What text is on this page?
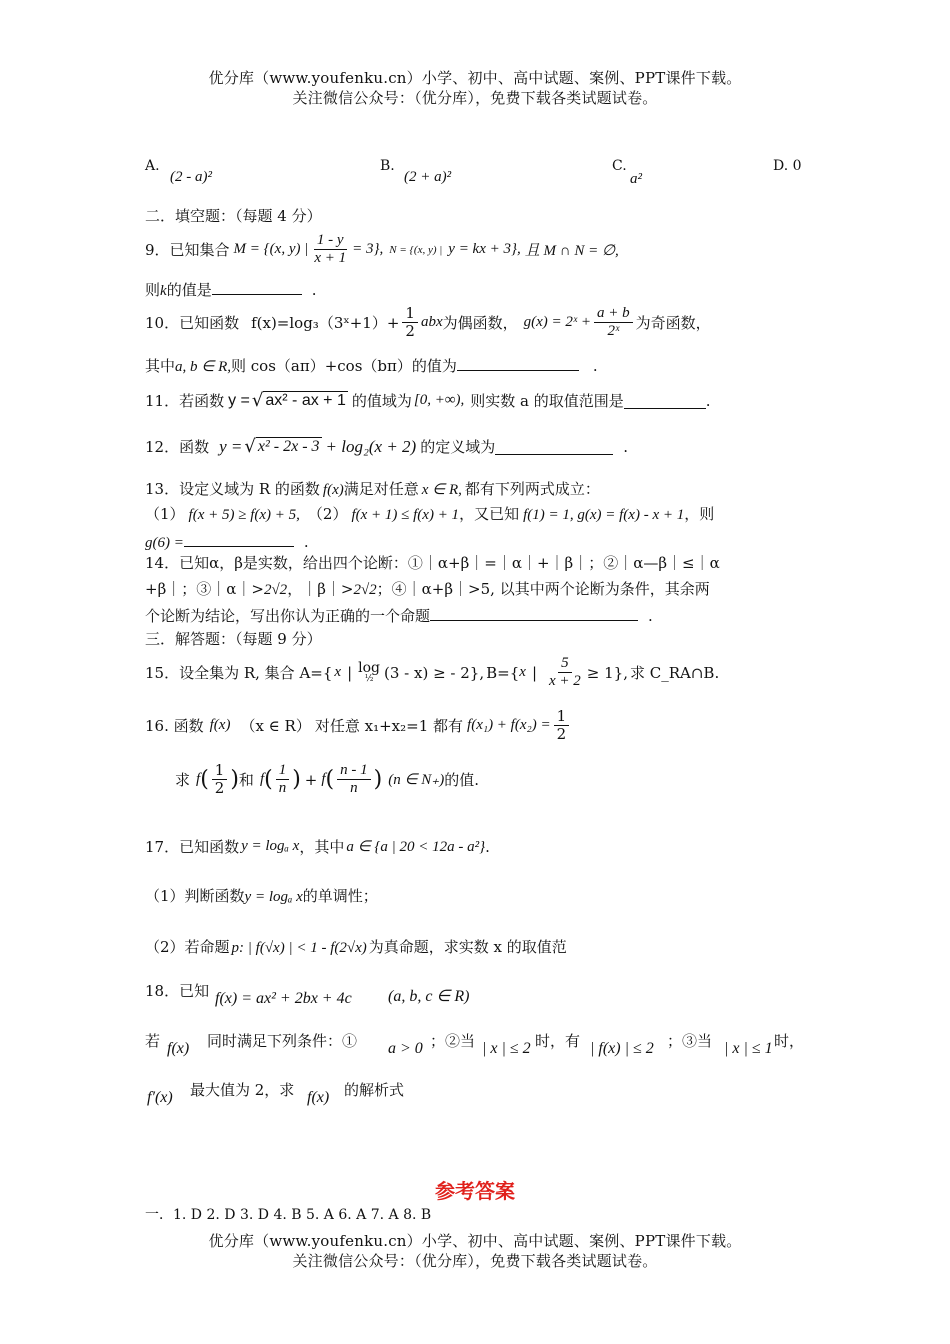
优分库（www.youfenku.cn）小学、初中、高中试题、案例、PPT课件下载。
关注微信公众号：（优分库），免费下载各类试题试卷。
A.
(2 - a)²
B.
(2 + a)²
C.
a²
D. 0
二．填空题：（每题 4 分）
9．已知集合 M = {(x, y) | $\frac{1 - y}{x + 1} = 3$}, N = {(x, y) | y = kx + 3}, 且 M ∩ N = ∅,
则k的值是	.
10．已知函数 f(x)=log₃（3ˣ+1）+ $\frac{1}{2}$ abx 为偶函数， g(x) = 2ˣ + $\frac{a + b}{\text{2ˣ}}$ 为奇函数，
其中a, b ∈ R,则 cos（aπ）+cos（bπ）的值为	.
11．若函数 y = √ ax² - ax + 1 的值域为 [0, +∞), 则实数 a 的取值范围是	.
12．函数 y = √ x² - 2x - 3 + log₂(x + 2) 的定义域为	.
13．设定义域为 R 的函数 f(x)满足对任意 x ∈ R, 都有下列两式成立：
（1） f(x + 5) ≥ f(x) + 5, （2） f(x + 1) ≤ f(x) + 1，又已知 f(1) = 1, g(x) = f(x) - x + 1，则
g(6) =	.
14．已知α，β是实数，给出四个论断：①｜α+β｜=｜α｜+｜β｜；②｜α—β｜≤｜α
+β｜；③｜α｜>2√2，｜β｜>2√2；④｜α+β｜>5, 以其中两个论断为条件，其余两
个论断为结论，写出你认为正确的一个命题	.
三．解答题：（每题 9 分）
15．设全集为 R, 集合 A={ x | log
½ (3 - x) ≥ - 2}, B={ x | $\frac{5}{x + 2} \ge 1$}, 求 C_RA∩B.
16. 函数 f(x) （x ∈ R） 对任意 x₁+x₂=1 都有 $f(x_1) + f(x_2) = \frac{1}{2}$
求 f ( $\frac{1}{2}$ ) 和 f ( $\frac{1}{n}$ ) + f ( $\frac{n - 1}{n}$ ) (n ∈ N₊) 的值.
17．已知函数 y = logₐ x ，其中 a ∈ {a | 20 < 12a - a²} .
（1）判断函数y = logₐ x的单调性；
（2）若命题 p: | f(√x) | < 1 - f(2√x) 为真命题，求实数 x 的取值范
18．已知 f(x) = ax² + 2bx + 4c (a, b, c ∈ R)
若 f(x) 同时满足下列条件：① a > 0 ；②当 | x | ≤ 2 时，有 | f(x) | ≤ 2 ；③当 | x | ≤ 1 时，
f′(x) 最大值为 2，求 f(x) 的解析式
参考答案
一．1. D 2. D 3. D 4. B 5. A 6. A 7. A 8. B
优分库（www.youfenku.cn）小学、初中、高中试题、案例、PPT课件下载。
关注微信公众号：（优分库），免费下载各类试题试卷。
